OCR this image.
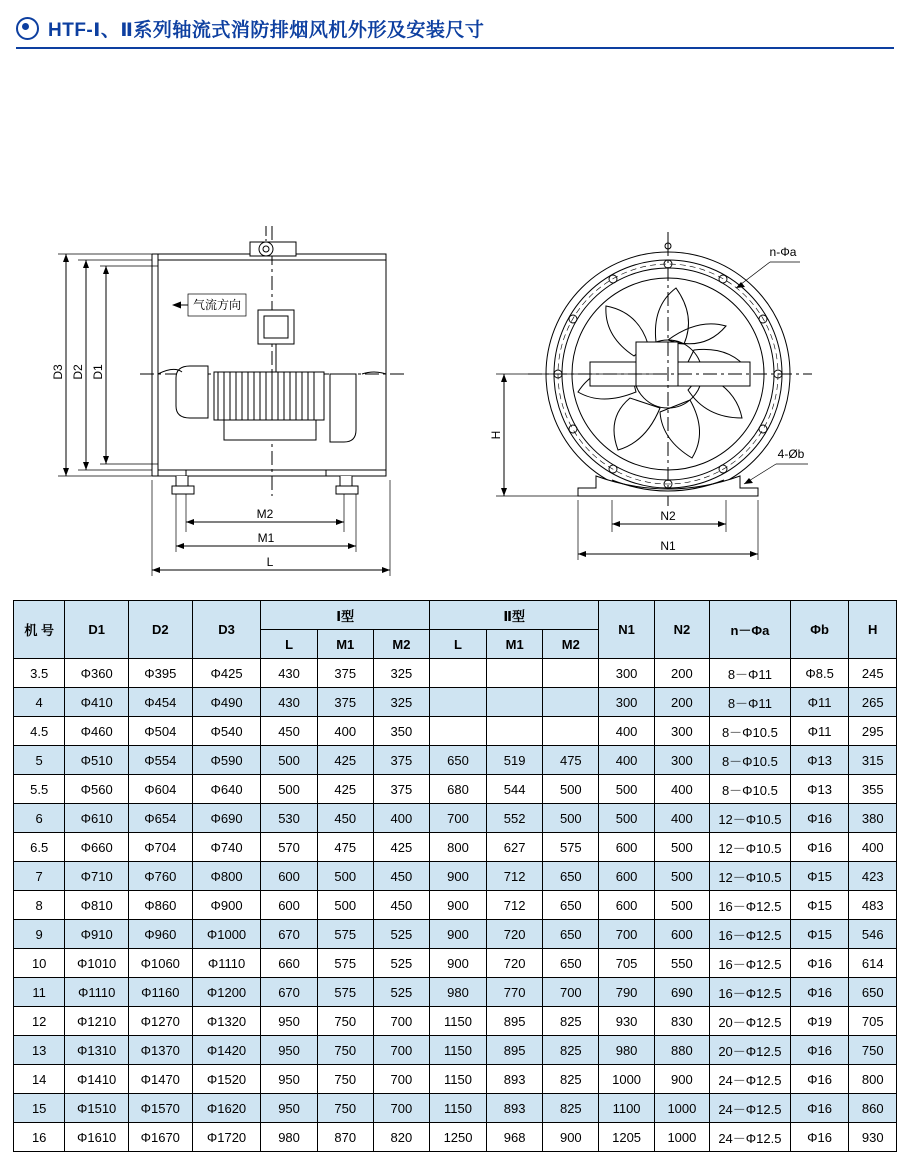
HTF-Ⅰ、Ⅱ系列轴流式消防排烟风机外形及安装尺寸
D3 D2 D1
M2
M1
L
气流方向
H
N2
N1
n-Φa
4-Øb
机 号	D1	D2	D3	Ⅰ型			Ⅱ型			N1	N2	n－Φa	Φb	H
				L	M1	M2	L	M1	M2					
3.5	Φ360	Φ395	Φ425	430	375	325				300	200	8－Φ11	Φ8.5	245
4	Φ410	Φ454	Φ490	430	375	325				300	200	8－Φ11	Φ11	265
4.5	Φ460	Φ504	Φ540	450	400	350				400	300	8－Φ10.5	Φ11	295
5	Φ510	Φ554	Φ590	500	425	375	650	519	475	400	300	8－Φ10.5	Φ13	315
5.5	Φ560	Φ604	Φ640	500	425	375	680	544	500	500	400	8－Φ10.5	Φ13	355
6	Φ610	Φ654	Φ690	530	450	400	700	552	500	500	400	12－Φ10.5	Φ16	380
6.5	Φ660	Φ704	Φ740	570	475	425	800	627	575	600	500	12－Φ10.5	Φ16	400
7	Φ710	Φ760	Φ800	600	500	450	900	712	650	600	500	12－Φ10.5	Φ15	423
8	Φ810	Φ860	Φ900	600	500	450	900	712	650	600	500	16－Φ12.5	Φ15	483
9	Φ910	Φ960	Φ1000	670	575	525	900	720	650	700	600	16－Φ12.5	Φ15	546
10	Φ1010	Φ1060	Φ1110	660	575	525	900	720	650	705	550	16－Φ12.5	Φ16	614
11	Φ1110	Φ1160	Φ1200	670	575	525	980	770	700	790	690	16－Φ12.5	Φ16	650
12	Φ1210	Φ1270	Φ1320	950	750	700	1150	895	825	930	830	20－Φ12.5	Φ19	705
13	Φ1310	Φ1370	Φ1420	950	750	700	1150	895	825	980	880	20－Φ12.5	Φ16	750
14	Φ1410	Φ1470	Φ1520	950	750	700	1150	893	825	1000	900	24－Φ12.5	Φ16	800
15	Φ1510	Φ1570	Φ1620	950	750	700	1150	893	825	1100	1000	24－Φ12.5	Φ16	860
16	Φ1610	Φ1670	Φ1720	980	870	820	1250	968	900	1205	1000	24－Φ12.5	Φ16	930
